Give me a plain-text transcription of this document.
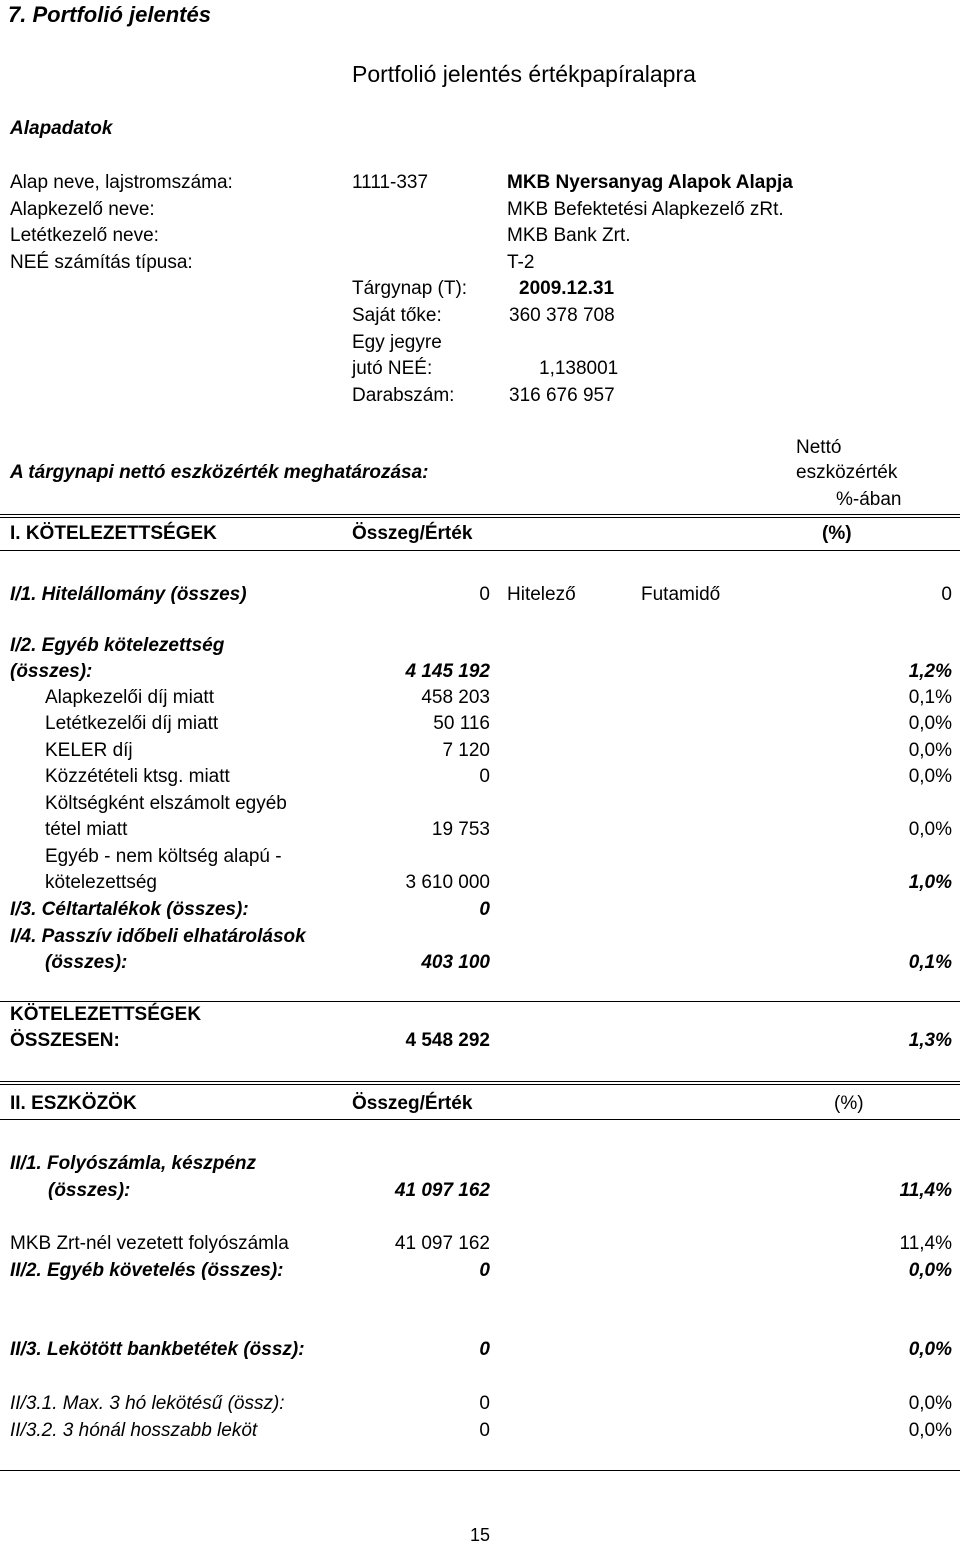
7. Portfolió jelentés
Portfolió jelentés értékpapíralapra
Alapadatok
Alap neve, lajstromszáma:	1111-337	MKB Nyersanyag Alapok Alapja
Alapkezelő neve:	MKB Befektetési Alapkezelő zRt.
Letétkezelő neve:	MKB Bank Zrt.
NEÉ számítás típusa:	T-2
Tárgynap (T):	2009.12.31
Saját tőke:	360 378 708
Egy jegyre
jutó NEÉ:	1,138001
Darabszám:	316 676 957
A tárgynapi nettó eszközérték meghatározása:
Nettó
eszközérték
%-ában
I. KÖTELEZETTSÉGEK	Összeg/Érték	(%)
I/1. Hitelállomány (összes)	0 Hitelező	Futamidő	0
I/2. Egyéb kötelezettség
(összes):	4 145 192	1,2%
Alapkezelői díj miatt	458 203	0,1%
Letétkezelői díj miatt	50 116	0,0%
KELER díj	7 120	0,0%
Közzétételi ktsg. miatt	0	0,0%
Költségként elszámolt egyéb
tétel miatt	19 753	0,0%
Egyéb - nem költség alapú -
kötelezettség	3 610 000	1,0%
I/3. Céltartalékok (összes):	0
I/4. Passzív időbeli elhatárolások
(összes):	403 100	0,1%
KÖTELEZETTSÉGEK
ÖSSZESEN:	4 548 292	1,3%
II. ESZKÖZÖK	Összeg/Érték	(%)
II/1. Folyószámla, készpénz
(összes):	41 097 162	11,4%
MKB Zrt-nél vezetett folyószámla	41 097 162	11,4%
II/2. Egyéb követelés (összes):	0	0,0%
II/3. Lekötött bankbetétek (össz):	0	0,0%
II/3.1. Max. 3 hó lekötésű (össz):	0	0,0%
II/3.2. 3 hónál hosszabb leköt	0	0,0%
15
